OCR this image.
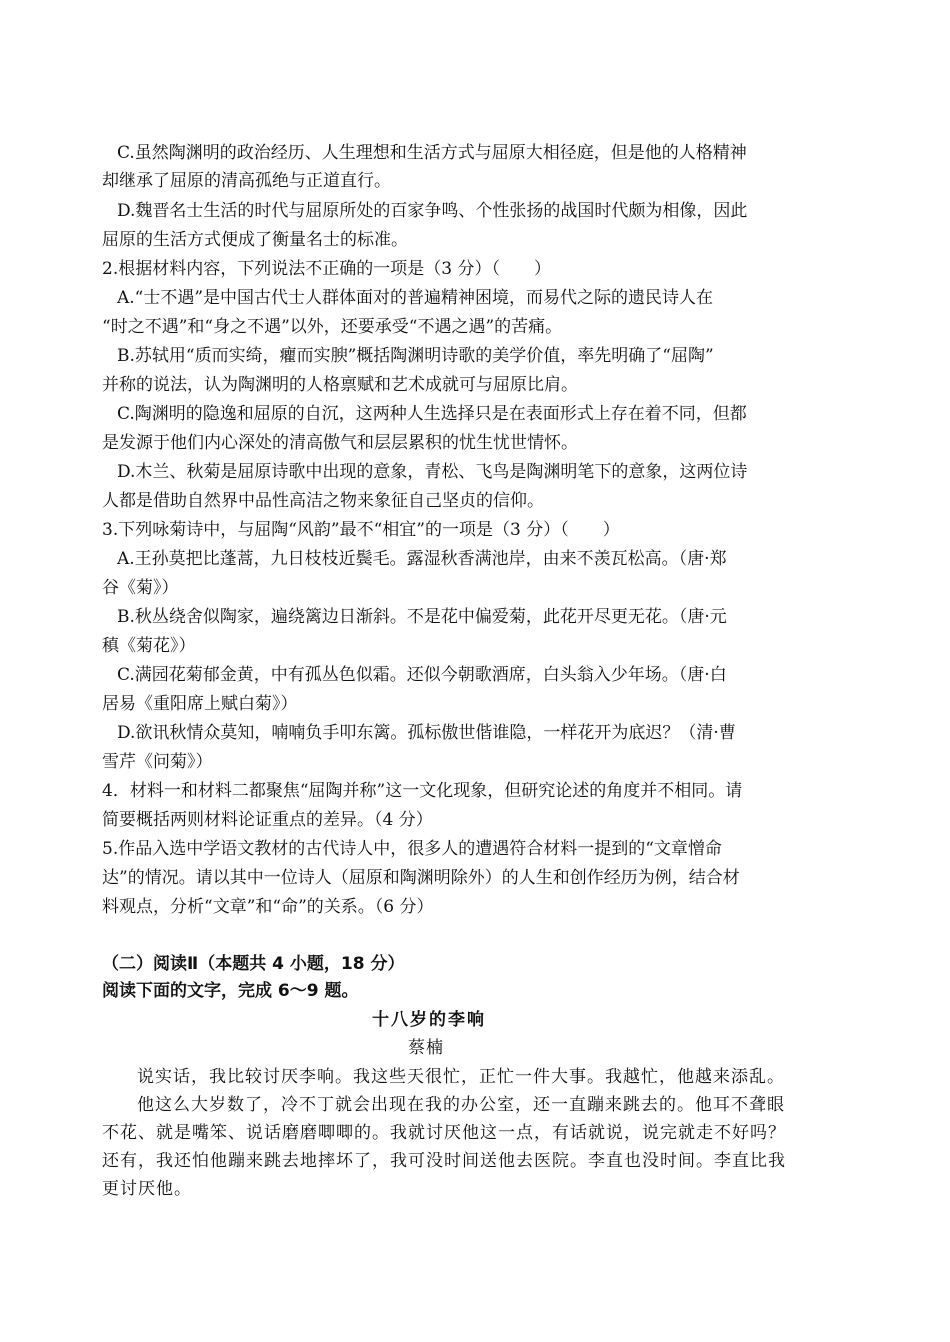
C.虽然陶渊明的政治经历、人生理想和生活方式与屈原大相径庭，但是他的人格精神
却继承了屈原的清高孤绝与正道直行。
D.魏晋名士生活的时代与屈原所处的百家争鸣、个性张扬的战国时代颇为相像，因此
屈原的生活方式便成了衡量名士的标准。
2.根据材料内容，下列说法不正确的一项是（3 分）（　　）
A.“士不遇”是中国古代士人群体面对的普遍精神困境，而易代之际的遗民诗人在
“时之不遇”和“身之不遇”以外，还要承受“不遇之遇”的苦痛。
B.苏轼用“质而实绮，癯而实腴”概括陶渊明诗歌的美学价值，率先明确了“屈陶”
并称的说法，认为陶渊明的人格禀赋和艺术成就可与屈原比肩。
C.陶渊明的隐逸和屈原的自沉，这两种人生选择只是在表面形式上存在着不同，但都
是发源于他们内心深处的清高傲气和层层累积的忧生忧世情怀。
D.木兰、秋菊是屈原诗歌中出现的意象，青松、飞鸟是陶渊明笔下的意象，这两位诗
人都是借助自然界中品性高洁之物来象征自己坚贞的信仰。
3.下列咏菊诗中，与屈陶“风韵”最不“相宜”的一项是（3 分）（　　）
A.王孙莫把比蓬蒿，九日枝枝近鬓毛。露湿秋香满池岸，由来不羡瓦松高。（唐·郑
谷《菊》）
B.秋丛绕舍似陶家，遍绕篱边日渐斜。不是花中偏爱菊，此花开尽更无花。（唐·元
稹《菊花》）
C.满园花菊郁金黄，中有孤丛色似霜。还似今朝歌酒席，白头翁入少年场。（唐·白
居易《重阳席上赋白菊》）
D.欲讯秋情众莫知，喃喃负手叩东篱。孤标傲世偕谁隐，一样花开为底迟？（清·曹
雪芹《问菊》）
4．材料一和材料二都聚焦“屈陶并称”这一文化现象，但研究论述的角度并不相同。请
简要概括两则材料论证重点的差异。（4 分）
5.作品入选中学语文教材的古代诗人中，很多人的遭遇符合材料一提到的“文章憎命
达”的情况。请以其中一位诗人（屈原和陶渊明除外）的人生和创作经历为例，结合材
料观点，分析“文章”和“命”的关系。（6 分）
（二）阅读Ⅱ（本题共 4 小题，18 分）
阅读下面的文字，完成 6～9 题。
十八岁的李响
蔡楠
说实话，我比较讨厌李响。我这些天很忙，正忙一件大事。我越忙，他越来添乱。
他这么大岁数了，冷不丁就会出现在我的办公室，还一直蹦来跳去的。他耳不聋眼
不花、就是嘴笨、说话磨磨唧唧的。我就讨厌他这一点，有话就说，说完就走不好吗？
还有，我还怕他蹦来跳去地摔坏了，我可没时间送他去医院。李直也没时间。李直比我
更讨厌他。
